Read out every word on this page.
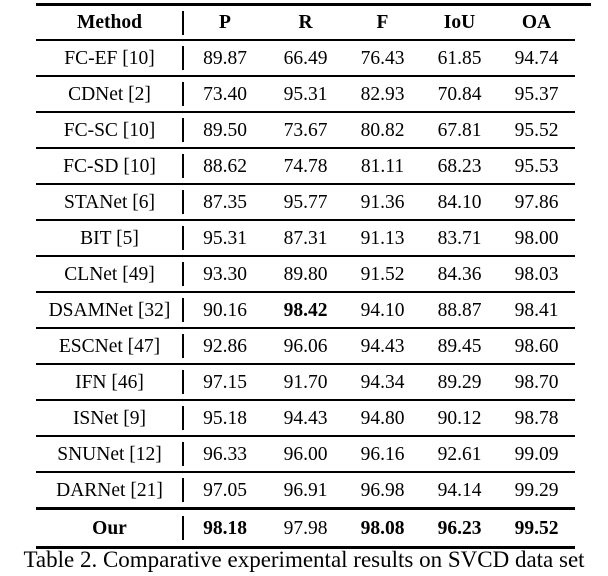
Method	P	R	F	IoU	OA
FC-EF [10]	89.87	66.49	76.43	61.85	94.74
CDNet [2]	73.40	95.31	82.93	70.84	95.37
FC-SC [10]	89.50	73.67	80.82	67.81	95.52
FC-SD [10]	88.62	74.78	81.11	68.23	95.53
STANet [6]	87.35	95.77	91.36	84.10	97.86
BIT [5]	95.31	87.31	91.13	83.71	98.00
CLNet [49]	93.30	89.80	91.52	84.36	98.03
DSAMNet [32]	90.16	98.42	94.10	88.87	98.41
ESCNet [47]	92.86	96.06	94.43	89.45	98.60
IFN [46]	97.15	91.70	94.34	89.29	98.70
ISNet [9]	95.18	94.43	94.80	90.12	98.78
SNUNet [12]	96.33	96.00	96.16	92.61	99.09
DARNet [21]	97.05	96.91	96.98	94.14	99.29
Our	98.18	97.98	98.08	96.23	99.52
Table 2. Comparative experimental results on SVCD data set
